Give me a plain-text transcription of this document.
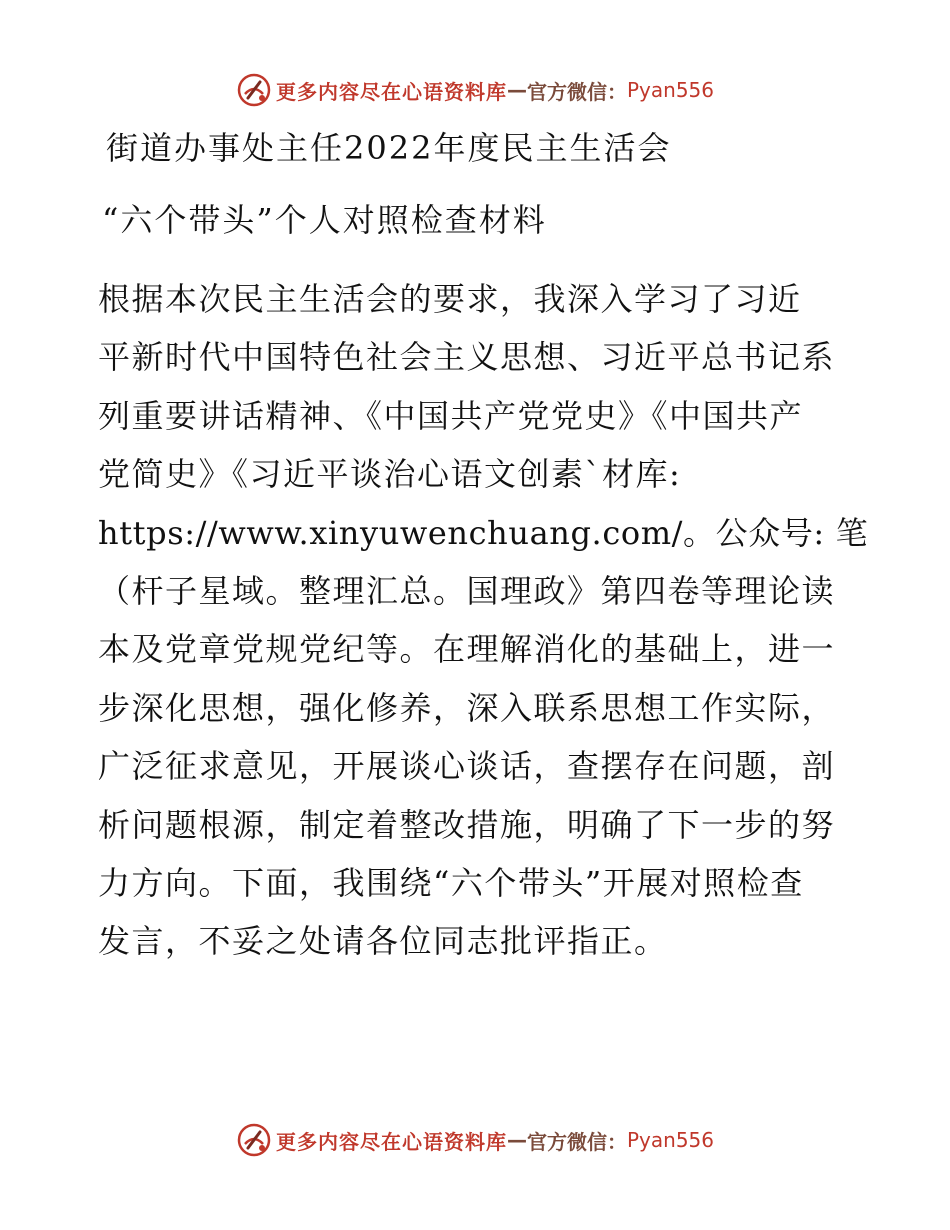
更多内容尽在心语资料库 — 官方微信： Pyan556
街道办事处主任2022年度民主生活会
“六个带头”个人对照检查材料
根据本次民主生活会的要求，我深入学习了习近
平新时代中国特色社会主义思想、习近平总书记系
列重要讲话精神、《中国共产党党史》《中国共产
党简史》《习近平谈治心语文创素`材库:
https://www.xinyuwenchuang.com/。公众号: 笔
（杆子星域。整理汇总。国理政》第四卷等理论读
本及党章党规党纪等。在理解消化的基础上，进一
步深化思想，强化修养，深入联系思想工作实际，
广泛征求意见，开展谈心谈话，查摆存在问题，剖
析问题根源，制定着整改措施，明确了下一步的努
力方向。下面，我围绕“六个带头”开展对照检查
发言，不妥之处请各位同志批评指正。
更多内容尽在心语资料库 — 官方微信： Pyan556
